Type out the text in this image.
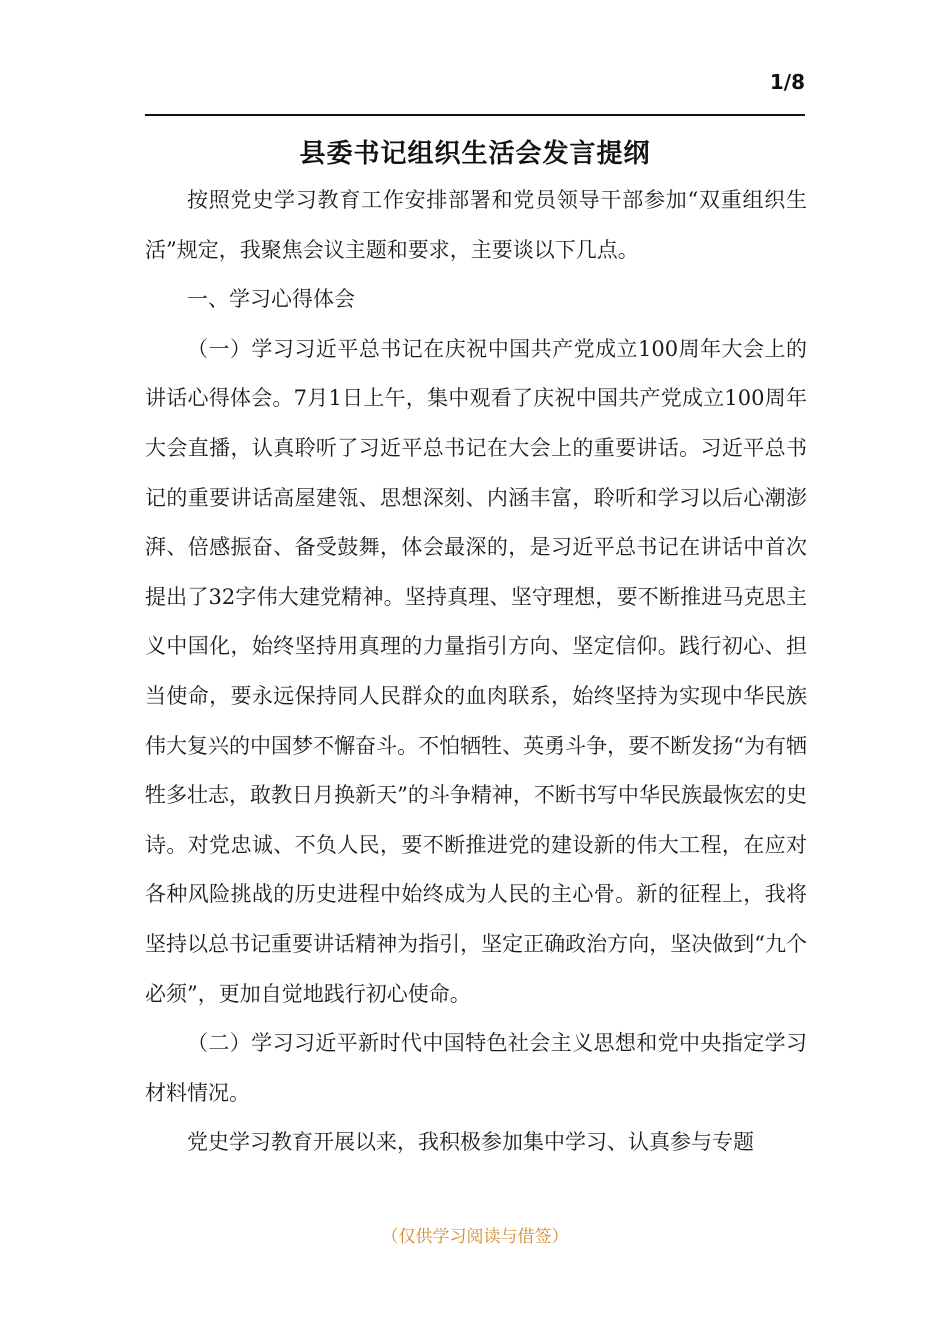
1/8
县委书记组织生活会发言提纲

按照党史学习教育工作安排部署和党员领导干部参加“双重组织生活”规定，我聚焦会议主题和要求，主要谈以下几点。

一、学习心得体会

（一）学习习近平总书记在庆祝中国共产党成立100周年大会上的讲话心得体会。7月1日上午，集中观看了庆祝中国共产党成立100周年大会直播，认真聆听了习近平总书记在大会上的重要讲话。习近平总书记的重要讲话高屋建瓴、思想深刻、内涵丰富，聆听和学习以后心潮澎湃、倍感振奋、备受鼓舞，体会最深的，是习近平总书记在讲话中首次提出了32字伟大建党精神。坚持真理、坚守理想，要不断推进马克思主义中国化，始终坚持用真理的力量指引方向、坚定信仰。践行初心、担当使命，要永远保持同人民群众的血肉联系，始终坚持为实现中华民族伟大复兴的中国梦不懈奋斗。不怕牺牲、英勇斗争，要不断发扬“为有牺牲多壮志，敢教日月换新天”的斗争精神，不断书写中华民族最恢宏的史诗。对党忠诚、不负人民，要不断推进党的建设新的伟大工程，在应对各种风险挑战的历史进程中始终成为人民的主心骨。新的征程上，我将坚持以总书记重要讲话精神为指引，坚定正确政治方向，坚决做到“九个必须”，更加自觉地践行初心使命。

（二）学习习近平新时代中国特色社会主义思想和党中央指定学习材料情况。

党史学习教育开展以来，我积极参加集中学习、认真参与专题

（仅供学习阅读与借签）
